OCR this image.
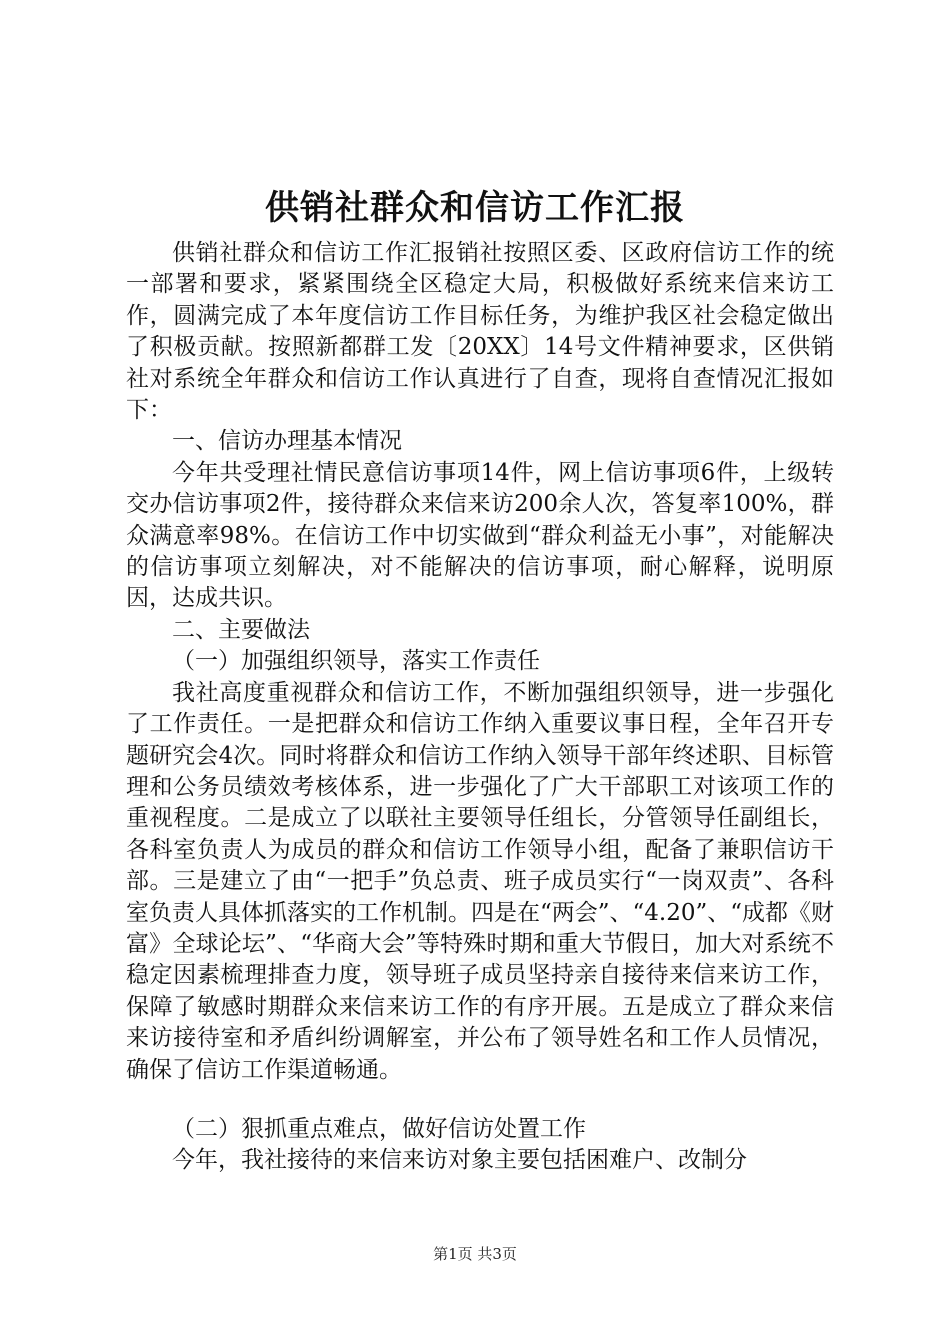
供销社群众和信访工作汇报

供销社群众和信访工作汇报销社按照区委、区政府信访工作的统一部署和要求，紧紧围绕全区稳定大局，积极做好系统来信来访工作，圆满完成了本年度信访工作目标任务，为维护我区社会稳定做出了积极贡献。按照新都群工发〔20XX〕14号文件精神要求，区供销社对系统全年群众和信访工作认真进行了自查，现将自查情况汇报如下：

一、信访办理基本情况

今年共受理社情民意信访事项14件，网上信访事项6件，上级转交办信访事项2件，接待群众来信来访200余人次，答复率100%，群众满意率98%。在信访工作中切实做到“群众利益无小事”，对能解决的信访事项立刻解决，对不能解决的信访事项，耐心解释，说明原因，达成共识。

二、主要做法

（一）加强组织领导，落实工作责任

我社高度重视群众和信访工作，不断加强组织领导，进一步强化了工作责任。一是把群众和信访工作纳入重要议事日程，全年召开专题研究会4次。同时将群众和信访工作纳入领导干部年终述职、目标管理和公务员绩效考核体系，进一步强化了广大干部职工对该项工作的重视程度。二是成立了以联社主要领导任组长，分管领导任副组长，各科室负责人为成员的群众和信访工作领导小组，配备了兼职信访干部。三是建立了由“一把手”负总责、班子成员实行“一岗双责”、各科室负责人具体抓落实的工作机制。四是在“两会”、“4.20”、“成都《财富》全球论坛”、“华商大会”等特殊时期和重大节假日，加大对系统不稳定因素梳理排查力度，领导班子成员坚持亲自接待来信来访工作，保障了敏感时期群众来信来访工作的有序开展。五是成立了群众来信来访接待室和矛盾纠纷调解室，并公布了领导姓名和工作人员情况，确保了信访工作渠道畅通。

（二）狠抓重点难点，做好信访处置工作

今年，我社接待的来信来访对象主要包括困难户、改制分

第1页 共3页
